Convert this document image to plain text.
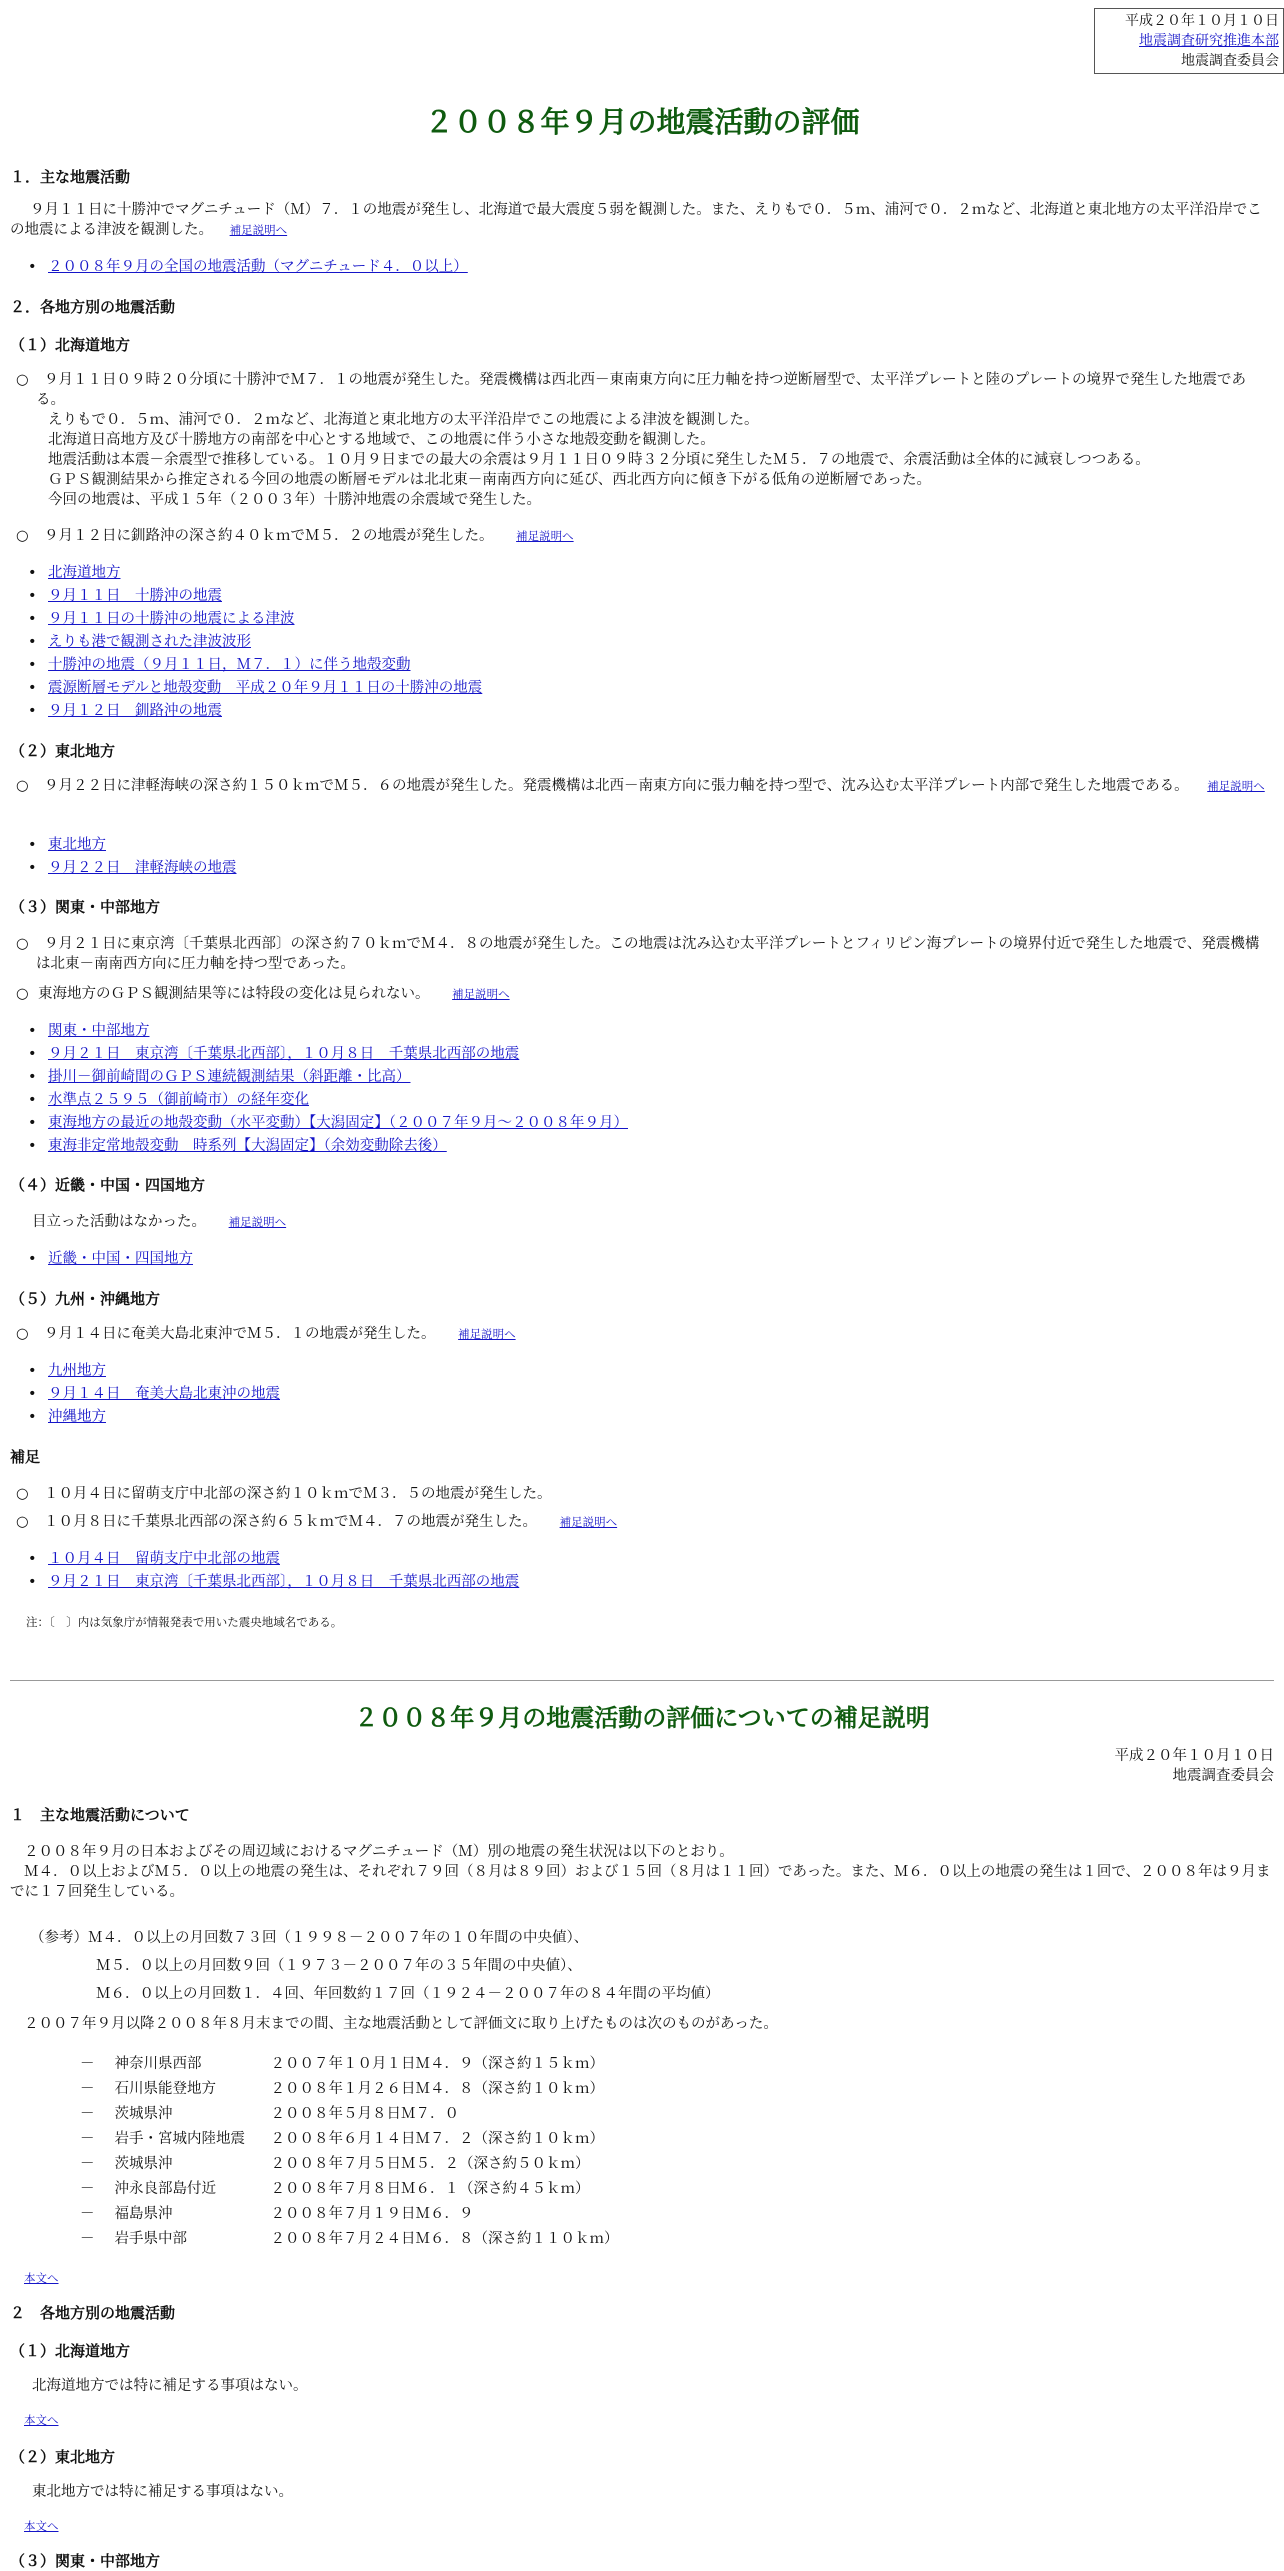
平成２０年１０月１０日
地震調査研究推進本部
地震調査委員会
２００８年９月の地震活動の評価
１．主な地震活動
９月１１日に十勝沖でマグニチュード（Ｍ）７．１の地震が発生し、北海道で最大震度５弱を観測した。また、えりもで０．５ｍ、浦河で０．２ｍなど、北海道と東北地方の太平洋沿岸でこの地震による津波を観測した。 補足説明へ
• ２００８年９月の全国の地震活動（マグニチュード４．０以上）
２．各地方別の地震活動
（１）北海道地方
○	９月１１日０９時２０分頃に十勝沖でＭ７．１の地震が発生した。発震機構は西北西－東南東方向に圧力軸を持つ逆断層型で、太平洋プレートと陸のプレートの境界で発生した地震である。
えりもで０．５ｍ、浦河で０．２ｍなど、北海道と東北地方の太平洋沿岸でこの地震による津波を観測した。
北海道日高地方及び十勝地方の南部を中心とする地域で、この地震に伴う小さな地殻変動を観測した。
地震活動は本震－余震型で推移している。１０月９日までの最大の余震は９月１１日０９時３２分頃に発生したＭ５．７の地震で、余震活動は全体的に減衰しつつある。
ＧＰＳ観測結果から推定される今回の地震の断層モデルは北北東－南南西方向に延び、西北西方向に傾き下がる低角の逆断層であった。
今回の地震は、平成１５年（２００３年）十勝沖地震の余震域で発生した。
○ ９月１２日に釧路沖の深さ約４０ｋｍでＭ５．２の地震が発生した。 補足説明へ
• 北海道地方
• ９月１１日　十勝沖の地震
• ９月１１日の十勝沖の地震による津波
• えりも港で観測された津波波形
• 十勝沖の地震（９月１１日，Ｍ７．１）に伴う地殻変動
• 震源断層モデルと地殻変動　平成２０年９月１１日の十勝沖の地震
• ９月１２日　釧路沖の地震
（２）東北地方
○ ９月２２日に津軽海峡の深さ約１５０ｋｍでＭ５．６の地震が発生した。発震機構は北西－南東方向に張力軸を持つ型で、沈み込む太平洋プレート内部で発生した地震である。 補足説明へ
• 東北地方
• ９月２２日　津軽海峡の地震
（３）関東・中部地方
○ ９月２１日に東京湾〔千葉県北西部〕の深さ約７０ｋｍでＭ４．８の地震が発生した。この地震は沈み込む太平洋プレートとフィリピン海プレートの境界付近で発生した地震で、発震機構は北東－南南西方向に圧力軸を持つ型であった。
○ 東海地方のＧＰＳ観測結果等には特段の変化は見られない。 補足説明へ
• 関東・中部地方
• ９月２１日　東京湾〔千葉県北西部〕，１０月８日　千葉県北西部の地震
• 掛川－御前崎間のＧＰＳ連続観測結果（斜距離・比高）
• 水準点２５９５（御前崎市）の経年変化
• 東海地方の最近の地殻変動（水平変動）【大潟固定】（２００７年９月～２００８年９月）
• 東海非定常地殻変動　時系列【大潟固定】（余効変動除去後）
（４）近畿・中国・四国地方
目立った活動はなかった。 補足説明へ
• 近畿・中国・四国地方
（５）九州・沖縄地方
○ ９月１４日に奄美大島北東沖でＭ５．１の地震が発生した。 補足説明へ
• 九州地方
• ９月１４日　奄美大島北東沖の地震
• 沖縄地方
補足
○ １０月４日に留萌支庁中北部の深さ約１０ｋｍでＭ３．５の地震が発生した。
○ １０月８日に千葉県北西部の深さ約６５ｋｍでＭ４．７の地震が発生した。 補足説明へ
• １０月４日　留萌支庁中北部の地震
• ９月２１日　東京湾〔千葉県北西部〕，１０月８日　千葉県北西部の地震
注：〔　〕内は気象庁が情報発表で用いた震央地域名である。
２００８年９月の地震活動の評価についての補足説明
平成２０年１０月１０日
地震調査委員会
１　主な地震活動について
２００８年９月の日本およびその周辺域におけるマグニチュード（Ｍ）別の地震の発生状況は以下のとおり。
Ｍ４．０以上およびＭ５．０以上の地震の発生は、それぞれ７９回（８月は８９回）および１５回（８月は１１回）であった。また、Ｍ６．０以上の地震の発生は１回で、２００８年は９月までに１７回発生している。
（参考）Ｍ４．０以上の月回数７３回（１９９８－２００７年の１０年間の中央値）、
Ｍ５．０以上の月回数９回（１９７３－２００７年の３５年間の中央値）、
Ｍ６．０以上の月回数１．４回、年回数約１７回（１９２４－２００７年の８４年間の平均値）
２００７年９月以降２００８年８月末までの間、主な地震活動として評価文に取り上げたものは次のものがあった。
－	神奈川県西部	２００７年１０月１日Ｍ４．９（深さ約１５ｋｍ）
－	石川県能登地方	２００８年１月２６日Ｍ４．８（深さ約１０ｋｍ）
－	茨城県沖	２００８年５月８日Ｍ７．０
－	岩手・宮城内陸地震	２００８年６月１４日Ｍ７．２（深さ約１０ｋｍ）
－	茨城県沖	２００８年７月５日Ｍ５．２（深さ約５０ｋｍ）
－	沖永良部島付近	２００８年７月８日Ｍ６．１（深さ約４５ｋｍ）
－	福島県沖	２００８年７月１９日Ｍ６．９
－	岩手県中部	２００８年７月２４日Ｍ６．８（深さ約１１０ｋｍ）
本文へ
２　各地方別の地震活動
（１）北海道地方
北海道地方では特に補足する事項はない。
本文へ
（２）東北地方
東北地方では特に補足する事項はない。
本文へ
（３）関東・中部地方
